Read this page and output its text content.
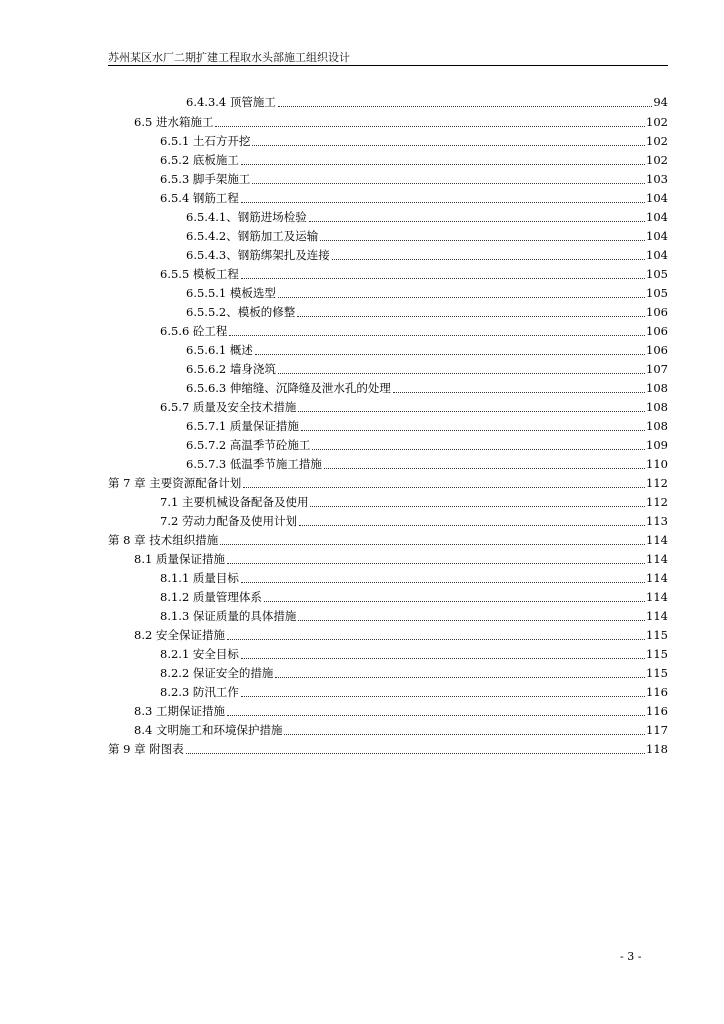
苏州某区水厂二期扩建工程取水头部施工组织设计
6.4.3.4 顶管施工	94
6.5 进水箱施工	102
6.5.1 土石方开挖	102
6.5.2 底板施工	102
6.5.3 脚手架施工	103
6.5.4 钢筋工程	104
6.5.4.1、钢筋进场检验	104
6.5.4.2、钢筋加工及运输	104
6.5.4.3、钢筋绑架扎及连接	104
6.5.5 模板工程	105
6.5.5.1 模板选型	105
6.5.5.2、模板的修整	106
6.5.6 砼工程	106
6.5.6.1 概述	106
6.5.6.2 墙身浇筑	107
6.5.6.3 伸缩缝、沉降缝及泄水孔的处理	108
6.5.7 质量及安全技术措施	108
6.5.7.1 质量保证措施	108
6.5.7.2 高温季节砼施工	109
6.5.7.3 低温季节施工措施	110
第 7 章 主要资源配备计划	112
7.1 主要机械设备配备及使用	112
7.2 劳动力配备及使用计划	113
第 8 章 技术组织措施	114
8.1 质量保证措施	114
8.1.1 质量目标	114
8.1.2 质量管理体系	114
8.1.3 保证质量的具体措施	114
8.2 安全保证措施	115
8.2.1 安全目标	115
8.2.2 保证安全的措施	115
8.2.3 防汛工作	116
8.3 工期保证措施	116
8.4 文明施工和环境保护措施	117
第 9 章 附图表	118
- 3 -
